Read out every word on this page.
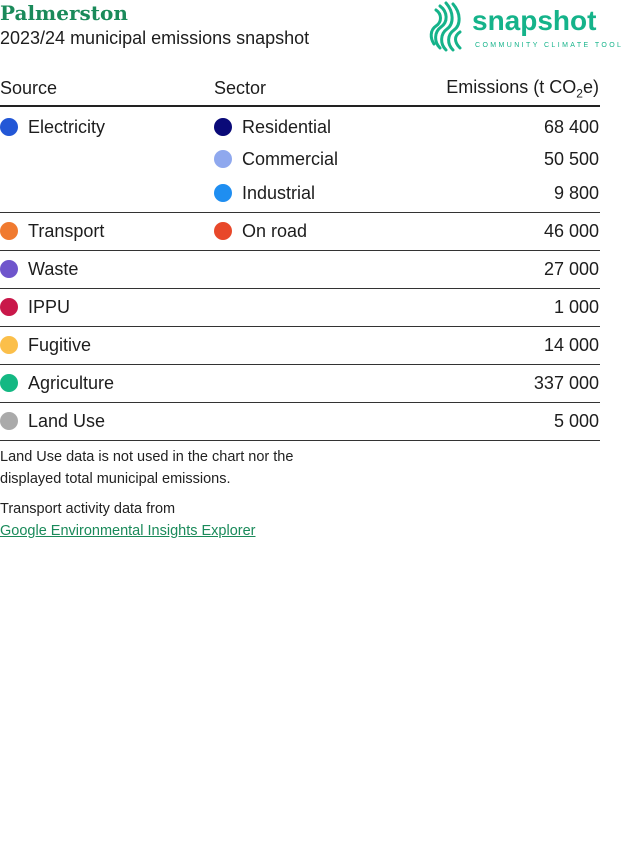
Palmerston

2023/24 municipal emissions snapshot

snapshot
COMMUNITY CLIMATE TOOL
Source	Sector	Emissions (t $CO_2e$)
Electricity	Residential	68 400
	Commercial	50 500
	Industrial	9 800
Transport	On road	46 000
Waste		27 000
IPPU		1 000
Fugitive		14 000
Agriculture		337 000
Land Use		5 000

Land Use data is not used in the chart nor the displayed total municipal emissions.

Transport activity data from
Google Environmental Insights Explorer
